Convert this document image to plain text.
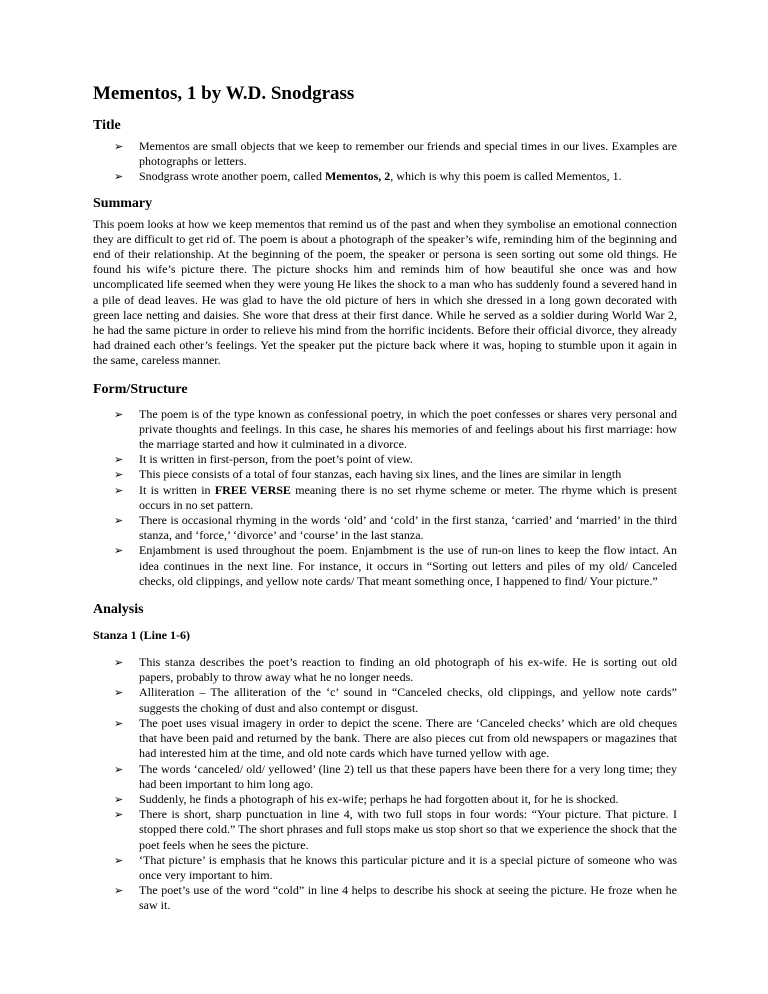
Mementos, 1 by W.D. Snodgrass
Title
➢ Mementos are small objects that we keep to remember our friends and special times in our lives. Examples are photographs or letters.
➢ Snodgrass wrote another poem, called Mementos, 2, which is why this poem is called Mementos, 1.
Summary

This poem looks at how we keep mementos that remind us of the past and when they symbolise an emotional connection they are difficult to get rid of. The poem is about a photograph of the speaker’s wife, reminding him of the beginning and end of their relationship. At the beginning of the poem, the speaker or persona is seen sorting out some old things. He found his wife’s picture there. The picture shocks him and reminds him of how beautiful she once was and how uncomplicated life seemed when they were young He likes the shock to a man who has suddenly found a severed hand in a pile of dead leaves. He was glad to have the old picture of hers in which she dressed in a long gown decorated with green lace netting and daisies. She wore that dress at their first dance. While he served as a soldier during World War 2, he had the same picture in order to relieve his mind from the horrific incidents. Before their official divorce, they already had drained each other’s feelings. Yet the speaker put the picture back where it was, hoping to stumble upon it again in the same, careless manner.

Form/Structure
➢ The poem is of the type known as confessional poetry, in which the poet confesses or shares very personal and private thoughts and feelings. In this case, he shares his memories of and feelings about his first marriage: how the marriage started and how it culminated in a divorce.
➢ It is written in first-person, from the poet’s point of view.
➢ This piece consists of a total of four stanzas, each having six lines, and the lines are similar in length
➢ It is written in FREE VERSE meaning there is no set rhyme scheme or meter. The rhyme which is present occurs in no set pattern.
➢ There is occasional rhyming in the words ‘old’ and ‘cold’ in the first stanza, ‘carried’ and ‘married’ in the third stanza, and ‘force,’ ‘divorce’ and ‘course’ in the last stanza.
➢ Enjambment is used throughout the poem. Enjambment is the use of run-on lines to keep the flow intact. An idea continues in the next line. For instance, it occurs in “Sorting out letters and piles of my old/ Canceled checks, old clippings, and yellow note cards/ That meant something once, I happened to find/ Your picture.”
Analysis
Stanza 1 (Line 1-6)
➢ This stanza describes the poet’s reaction to finding an old photograph of his ex-wife. He is sorting out old papers, probably to throw away what he no longer needs.
➢ Alliteration – The alliteration of the ‘c’ sound in “Canceled checks, old clippings, and yellow note cards” suggests the choking of dust and also contempt or disgust.
➢ The poet uses visual imagery in order to depict the scene. There are ‘Canceled checks’ which are old cheques that have been paid and returned by the bank. There are also pieces cut from old newspapers or magazines that had interested him at the time, and old note cards which have turned yellow with age.
➢ The words ‘canceled/ old/ yellowed’ (line 2) tell us that these papers have been there for a very long time; they had been important to him long ago.
➢ Suddenly, he finds a photograph of his ex-wife; perhaps he had forgotten about it, for he is shocked.
➢ There is short, sharp punctuation in line 4, with two full stops in four words: “Your picture. That picture. I stopped there cold.” The short phrases and full stops make us stop short so that we experience the shock that the poet feels when he sees the picture.
➢ ‘That picture’ is emphasis that he knows this particular picture and it is a special picture of someone who was once very important to him.
➢ The poet’s use of the word “cold” in line 4 helps to describe his shock at seeing the picture. He froze when he saw it.
